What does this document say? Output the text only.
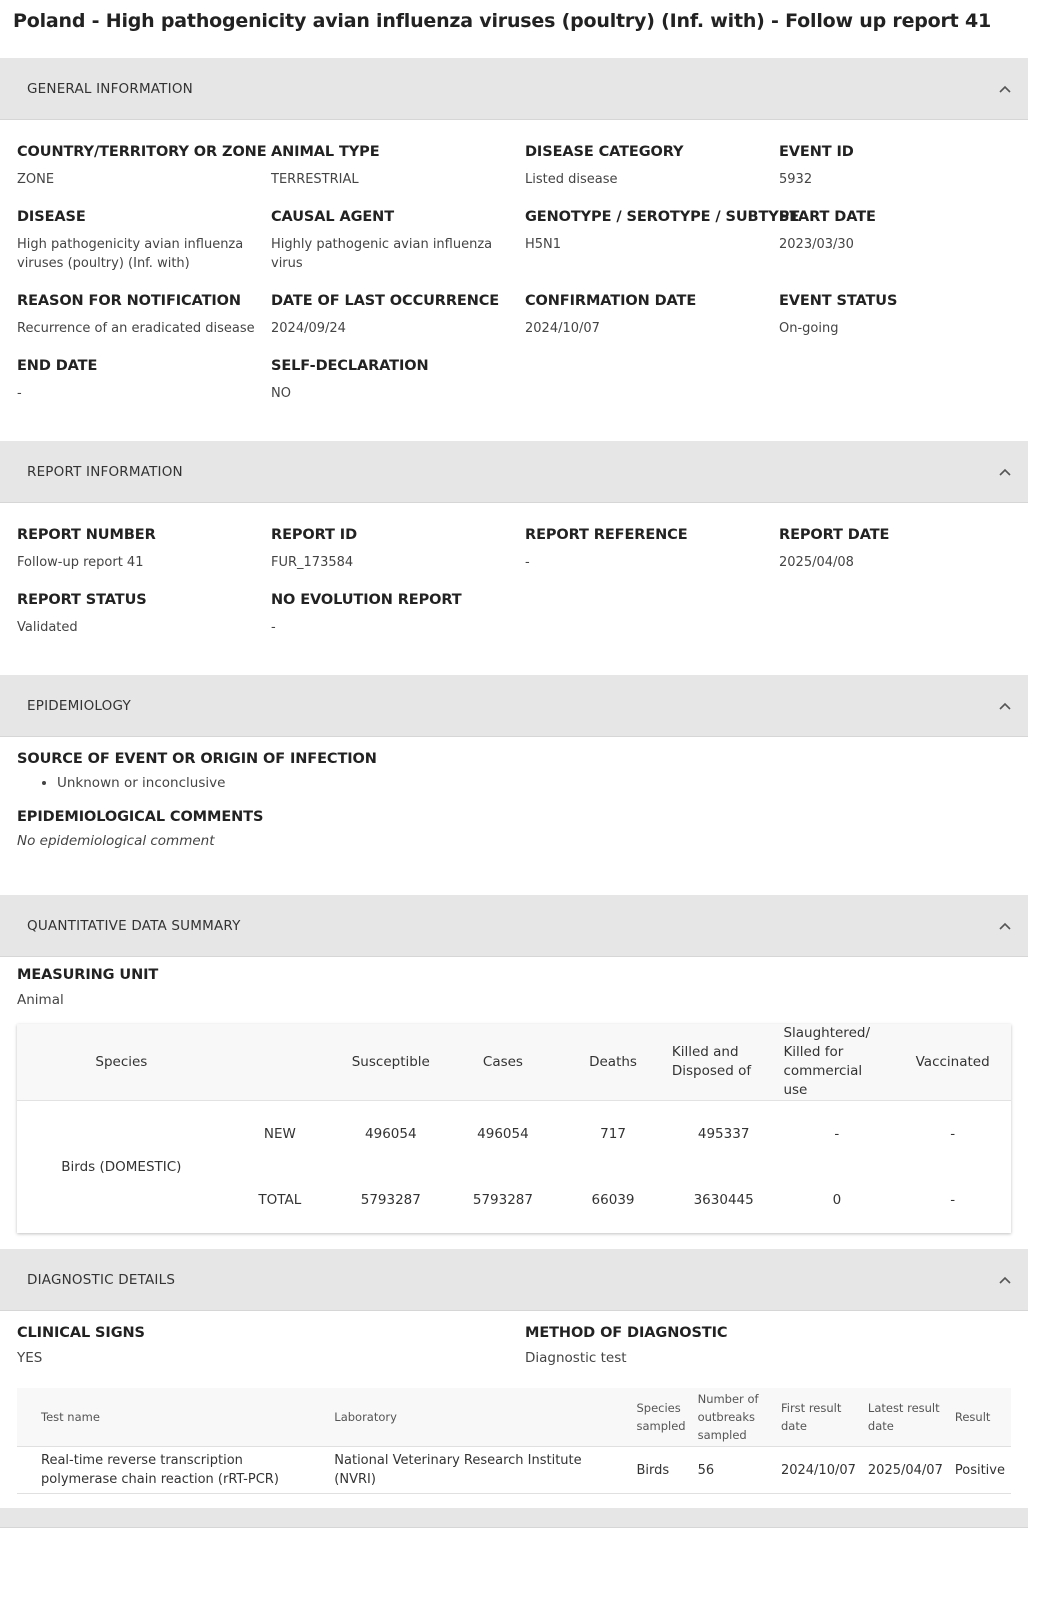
Poland - High pathogenicity avian influenza viruses (poultry) (Inf. with) - Follow up report 41
GENERAL INFORMATION
COUNTRY/TERRITORY OR ZONE
ZONE
ANIMAL TYPE
TERRESTRIAL
DISEASE CATEGORY
Listed disease
EVENT ID
5932
DISEASE
High pathogenicity avian influenza viruses (poultry) (Inf. with)
CAUSAL AGENT
Highly pathogenic avian influenza virus
GENOTYPE / SEROTYPE / SUBTYPE
H5N1
START DATE
2023/03/30
REASON FOR NOTIFICATION
Recurrence of an eradicated disease
DATE OF LAST OCCURRENCE
2024/09/24
CONFIRMATION DATE
2024/10/07
EVENT STATUS
On-going
END DATE
-
SELF-DECLARATION
NO
REPORT INFORMATION
REPORT NUMBER
Follow-up report 41
REPORT ID
FUR_173584
REPORT REFERENCE
-
REPORT DATE
2025/04/08
REPORT STATUS
Validated
NO EVOLUTION REPORT
-
EPIDEMIOLOGY
SOURCE OF EVENT OR ORIGIN OF INFECTION
• Unknown or inconclusive
EPIDEMIOLOGICAL COMMENTS
No epidemiological comment
QUANTITATIVE DATA SUMMARY
MEASURING UNIT
Animal
Species		Susceptible	Cases	Deaths	Killed and Disposed of	Slaughtered/ Killed for commercial use	Vaccinated
Birds (DOMESTIC)	NEW	496054	496054	717	495337	-	-
	TOTAL	5793287	5793287	66039	3630445	0	-
DIAGNOSTIC DETAILS
CLINICAL SIGNS
YES
METHOD OF DIAGNOSTIC
Diagnostic test
Test name	Laboratory	Species sampled	Number of outbreaks sampled	First result date	Latest result date	Result
Real-time reverse transcription polymerase chain reaction (rRT-PCR)	National Veterinary Research Institute (NVRI)	Birds	56	2024/10/07	2025/04/07	Positive
